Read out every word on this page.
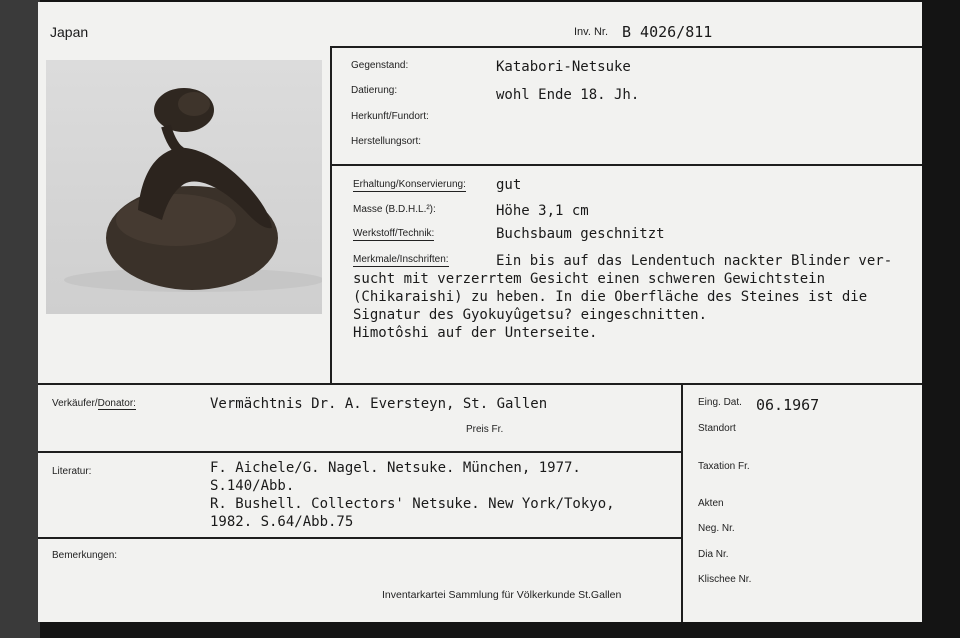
Japan	Inv. Nr. B 4026/811
Gegenstand:	Katabori-Netsuke
Datierung:	wohl Ende 18. Jh.
Herkunft/Fundort:
Herstellungsort:
Erhaltung/Konservierung: gut
Masse (B.D.H.L.²):	Höhe 3,1 cm
Werkstoff/Technik:	Buchsbaum geschnitzt
Merkmale/Inschriften:	Ein bis auf das Lendentuch nackter Blinder ver-
sucht mit verzerrtem Gesicht einen schweren Gewichtstein
(Chikaraishi) zu heben. In die Oberfläche des Steines ist die
Signatur des Gyokuyûgetsu? eingeschnitten.
Himotôshi auf der Unterseite.
Verkäufer/Donator:	Vermächtnis Dr. A. Eversteyn, St. Gallen
Preis Fr.
Literatur:	F. Aichele/G. Nagel. Netsuke. München, 1977.
S.140/Abb.
R. Bushell. Collectors' Netsuke. New York/Tokyo,
1982. S.64/Abb.75
Bemerkungen:
Eing. Dat. 06.1967
Standort
Taxation Fr.
Akten
Neg. Nr.
Dia Nr.
Klischee Nr.
Inventarkartei Sammlung für Völkerkunde St.Gallen
